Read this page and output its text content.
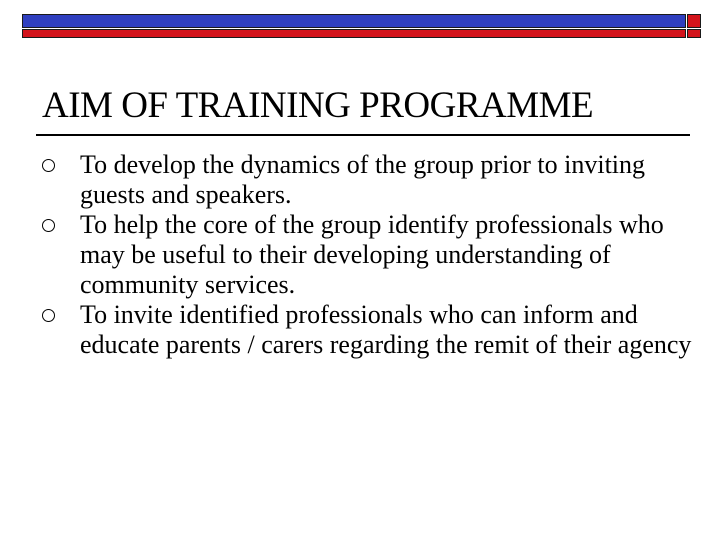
AIM OF TRAINING PROGRAMME
To develop the dynamics of the group prior to inviting guests and speakers.
To help the core of the group identify professionals who may be useful to their developing understanding of community services.
To invite identified professionals who can inform and educate parents / carers regarding the remit of their agency
